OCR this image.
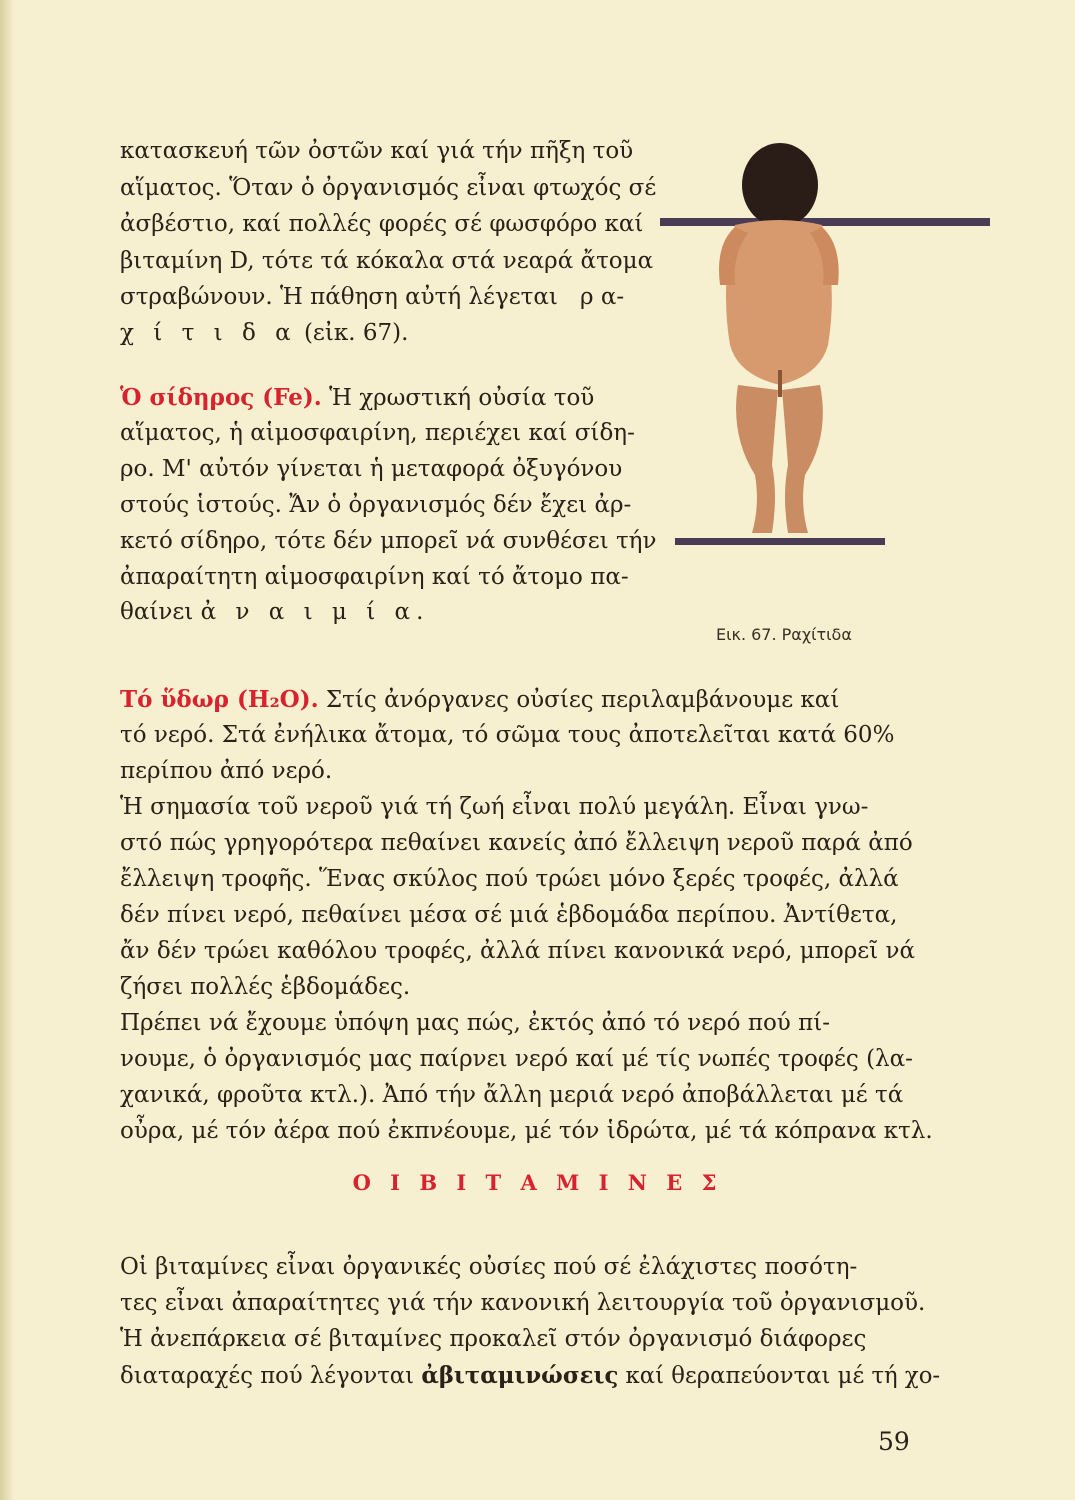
κατασκευή τῶν ὀστῶν καί γιά τήν πῆξη τοῦ
αἵματος. Ὅταν ὁ ὀργανισμός εἶναι φτωχός σέ
ἀσβέστιο, καί πολλές φορές σέ φωσφόρο καί
βιταμίνη D, τότε τά κόκαλα στά νεαρά ἄτομα
στραβώνουν. Ἡ πάθηση αὐτή λέγεται ρ α-
χ ί τ ι δ α (εἰκ. 67).
Ὁ σίδηρος (Fe). Ἡ χρωστική οὐσία τοῦ
αἵματος, ἡ αἱμοσφαιρίνη, περιέχει καί σίδη-
ρο. Μ' αὐτόν γίνεται ἡ μεταφορά ὀξυγόνου
στούς ἱστούς. Ἄν ὁ ὀργανισμός δέν ἔχει ἀρ-
κετό σίδηρο, τότε δέν μπορεῖ νά συνθέσει τήν
ἀπαραίτητη αἱμοσφαιρίνη καί τό ἄτομο πα-
θαίνει ἀ ν α ι μ ί α.
Εικ. 67. Ραχίτιδα
Τό ὕδωρ (H₂O). Στίς ἀνόργανες οὐσίες περιλαμβάνουμε καί
τό νερό. Στά ἐνήλικα ἄτομα, τό σῶμα τους ἀποτελεῖται κατά 60%
περίπου ἀπό νερό.
Ἡ σημασία τοῦ νεροῦ γιά τή ζωή εἶναι πολύ μεγάλη. Εἶναι γνω-
στό πώς γρηγορότερα πεθαίνει κανείς ἀπό ἔλλειψη νεροῦ παρά ἀπό
ἔλλειψη τροφῆς. Ἕνας σκύλος πού τρώει μόνο ξερές τροφές, ἀλλά
δέν πίνει νερό, πεθαίνει μέσα σέ μιά ἑβδομάδα περίπου. Ἀντίθετα,
ἄν δέν τρώει καθόλου τροφές, ἀλλά πίνει κανονικά νερό, μπορεῖ νά
ζήσει πολλές ἑβδομάδες.
Πρέπει νά ἔχουμε ὑπόψη μας πώς, ἐκτός ἀπό τό νερό πού πί-
νουμε, ὁ ὀργανισμός μας παίρνει νερό καί μέ τίς νωπές τροφές (λα-
χανικά, φροῦτα κτλ.). Ἀπό τήν ἄλλη μεριά νερό ἀποβάλλεται μέ τά
οὖρα, μέ τόν ἀέρα πού ἐκπνέουμε, μέ τόν ἱδρώτα, μέ τά κόπρανα κτλ.
Ο Ι Β Ι Τ Α Μ Ι Ν Ε Σ
Οἱ βιταμίνες εἶναι ὀργανικές οὐσίες πού σέ ἐλάχιστες ποσότη-
τες εἶναι ἀπαραίτητες γιά τήν κανονική λειτουργία τοῦ ὀργανισμοῦ.
Ἡ ἀνεπάρκεια σέ βιταμίνες προκαλεῖ στόν ὀργανισμό διάφορες
διαταραχές πού λέγονται ἀβιταμινώσεις καί θεραπεύονται μέ τή χο-
59
